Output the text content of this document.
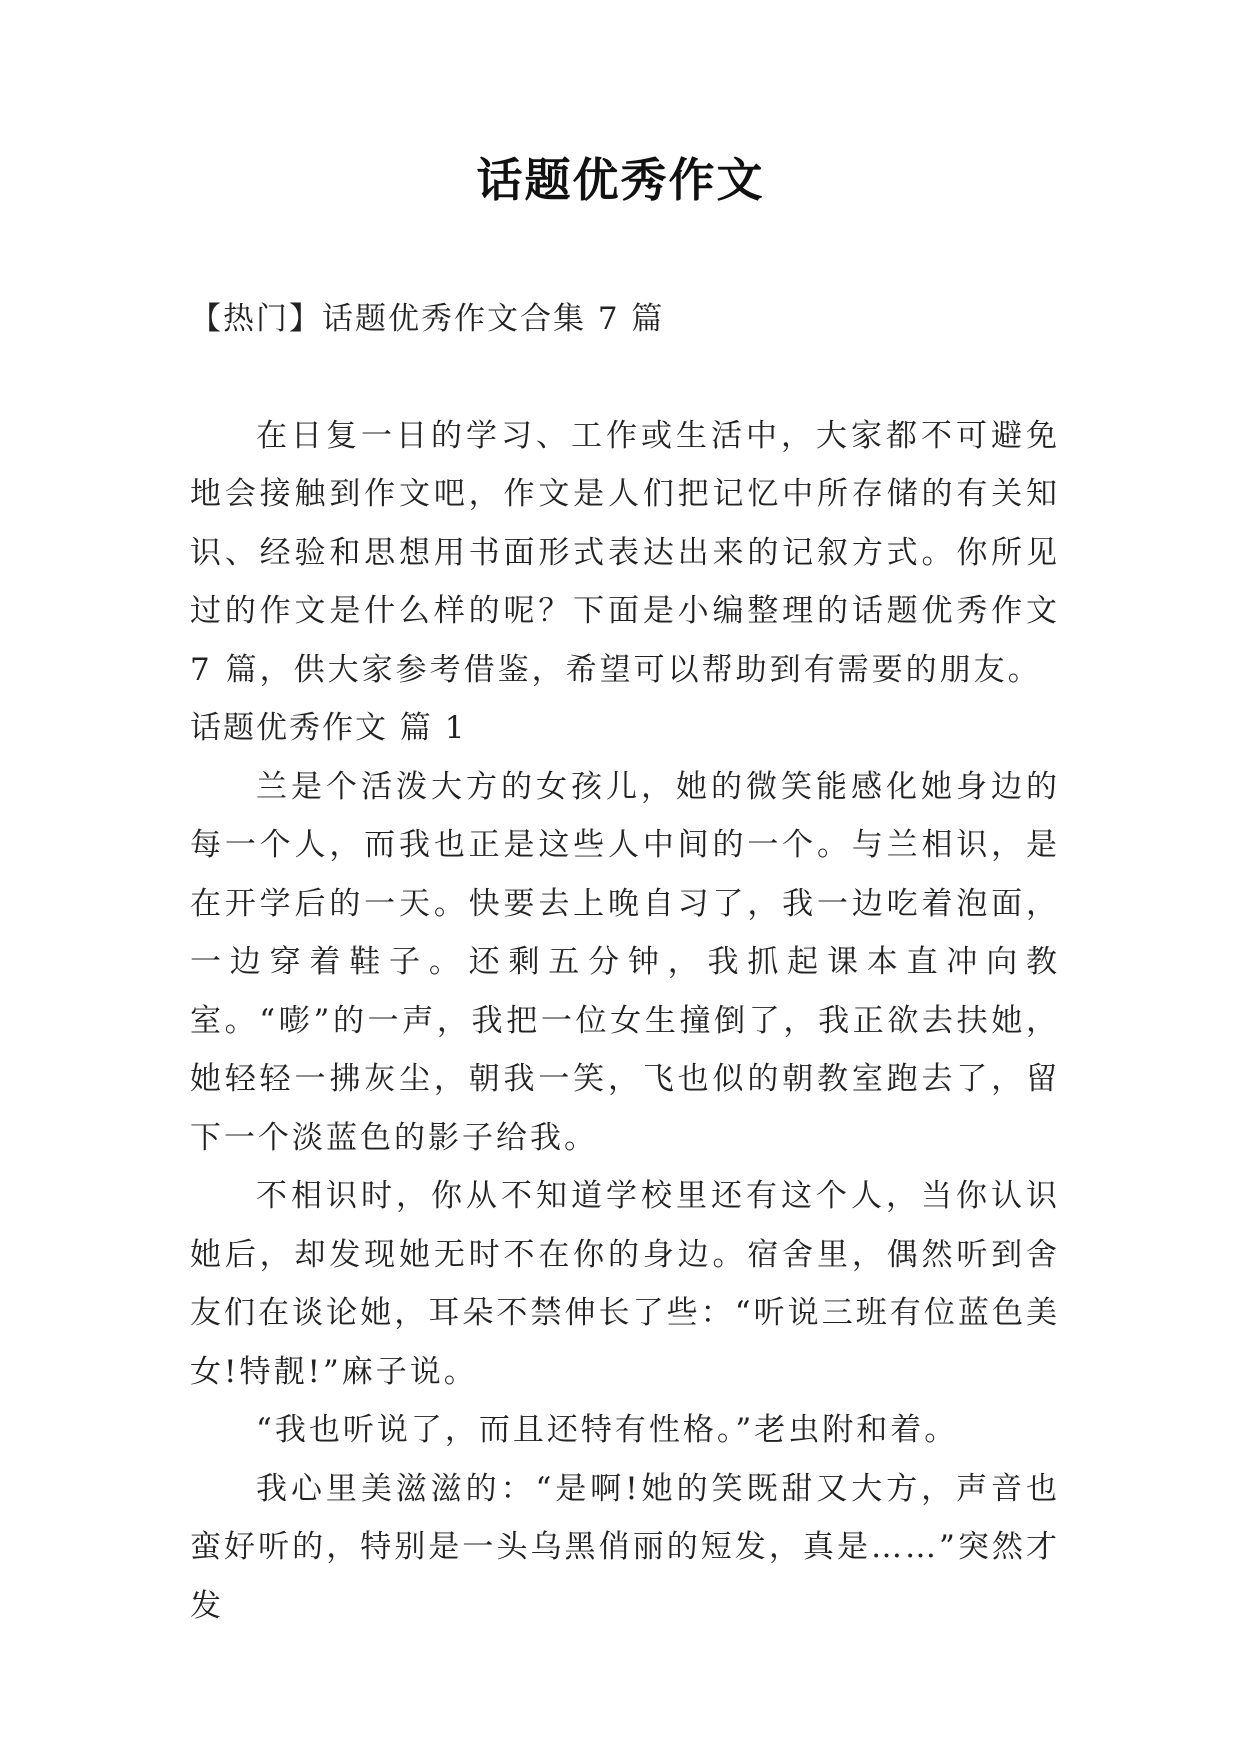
话题优秀作文

【热门】话题优秀作文合集 7 篇

在日复一日的学习、工作或生活中，大家都不可避免地会接触到作文吧，作文是人们把记忆中所存储的有关知识、经验和思想用书面形式表达出来的记叙方式。你所见过的作文是什么样的呢？下面是小编整理的话题优秀作文 7 篇，供大家参考借鉴，希望可以帮助到有需要的朋友。

话题优秀作文 篇 1

兰是个活泼大方的女孩儿，她的微笑能感化她身边的每一个人，而我也正是这些人中间的一个。与兰相识，是在开学后的一天。快要去上晚自习了，我一边吃着泡面，一边穿着鞋子。还剩五分钟，我抓起课本直冲向教室。“嘭”的一声，我把一位女生撞倒了，我正欲去扶她，她轻轻一拂灰尘，朝我一笑，飞也似的朝教室跑去了，留下一个淡蓝色的影子给我。

不相识时，你从不知道学校里还有这个人，当你认识她后，却发现她无时不在你的身边。宿舍里，偶然听到舍友们在谈论她，耳朵不禁伸长了些：“听说三班有位蓝色美女!特靓!”麻子说。

“我也听说了，而且还特有性格。”老虫附和着。

我心里美滋滋的：“是啊!她的笑既甜又大方，声音也蛮好听的，特别是一头乌黑俏丽的短发，真是……”突然才发
